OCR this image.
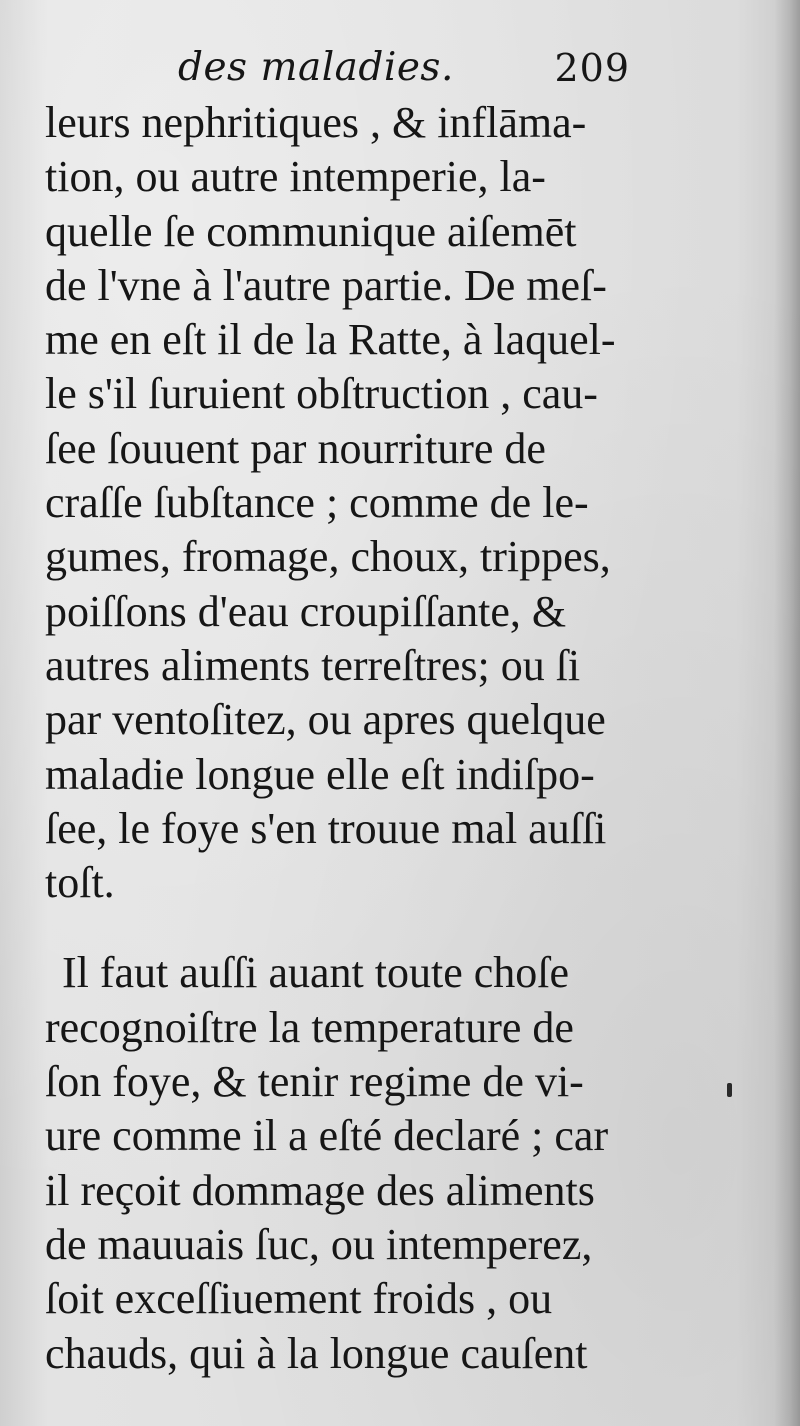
des maladies.	209
leurs nephritiques , & inflāma-
tion, ou autre intemperie, la-
quelle ſe communique aiſemēt
de l'vne à l'autre partie. De meſ-
me en eſt il de la Ratte, à laquel-
le s'il ſuruient obſtruction , cau-
ſee ſouuent par nourriture de
craſſe ſubſtance ; comme de le-
gumes, fromage, choux, trippes,
poiſſons d'eau croupiſſante, &
autres aliments terreſtres; ou ſi
par ventoſitez, ou apres quelque
maladie longue elle eſt indiſpo-
ſee, le foye s'en trouue mal auſſi
toſt.
Il faut auſſi auant toute choſe
recognoiſtre la temperature de
ſon foye, & tenir regime de vi-
ure comme il a eſté declaré ; car
il reçoit dommage des aliments
de mauuais ſuc, ou intemperez,
ſoit exceſſiuement froids , ou
chauds, qui à la longue cauſent
